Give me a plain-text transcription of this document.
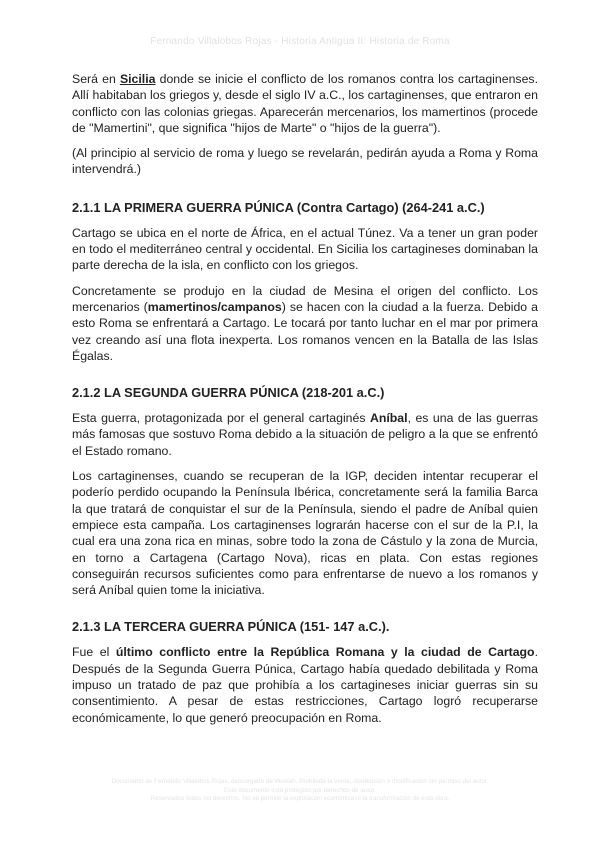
Fernando Villalobos Rojas - Historia Antigua II: Historia de Roma

Será en Sicilia donde se inicie el conflicto de los romanos contra los cartaginenses. Allí habitaban los griegos y, desde el siglo IV a.C., los cartaginenses, que entraron en conflicto con las colonias griegas. Aparecerán mercenarios, los mamertinos (procede de "Mamertini", que significa "hijos de Marte" o "hijos de la guerra").

(Al principio al servicio de roma y luego se revelarán, pedirán ayuda a Roma y Roma intervendrá.)

2.1.1 LA PRIMERA GUERRA PÚNICA (Contra Cartago) (264-241 a.C.)

Cartago se ubica en el norte de África, en el actual Túnez. Va a tener un gran poder en todo el mediterráneo central y occidental. En Sicilia los cartagineses dominaban la parte derecha de la isla, en conflicto con los griegos.

Concretamente se produjo en la ciudad de Mesina el origen del conflicto. Los mercenarios (mamertinos/campanos) se hacen con la ciudad a la fuerza. Debido a esto Roma se enfrentará a Cartago. Le tocará por tanto luchar en el mar por primera vez creando así una flota inexperta. Los romanos vencen en la Batalla de las Islas Égalas.

2.1.2 LA SEGUNDA GUERRA PÚNICA (218-201 a.C.)

Esta guerra, protagonizada por el general cartaginés Aníbal, es una de las guerras más famosas que sostuvo Roma debido a la situación de peligro a la que se enfrentó el Estado romano.

Los cartaginenses, cuando se recuperan de la IGP, deciden intentar recuperar el poderío perdido ocupando la Península Ibérica, concretamente será la familia Barca la que tratará de conquistar el sur de la Península, siendo el padre de Aníbal quien empiece esta campaña. Los cartaginenses lograrán hacerse con el sur de la P.I, la cual era una zona rica en minas, sobre todo la zona de Cástulo y la zona de Murcia, en torno a Cartagena (Cartago Nova), ricas en plata. Con estas regiones conseguirán recursos suficientes como para enfrentarse de nuevo a los romanos y será Aníbal quien tome la iniciativa.

2.1.3 LA TERCERA GUERRA PÚNICA (151- 147 a.C.).

Fue el último conflicto entre la República Romana y la ciudad de Cartago. Después de la Segunda Guerra Púnica, Cartago había quedado debilitada y Roma impuso un tratado de paz que prohibía a los cartagineses iniciar guerras sin su consentimiento. A pesar de estas restricciones, Cartago logró recuperarse económicamente, lo que generó preocupación en Roma.

Documento de Fernando Villalobos Rojas, descargado de Wuolah. Prohibida la venta, distribución o modificación sin permiso del autor.
Este documento está protegido por derechos de autor.
Reservados todos los derechos. No se permite la explotación económica ni la transformación de esta obra.
